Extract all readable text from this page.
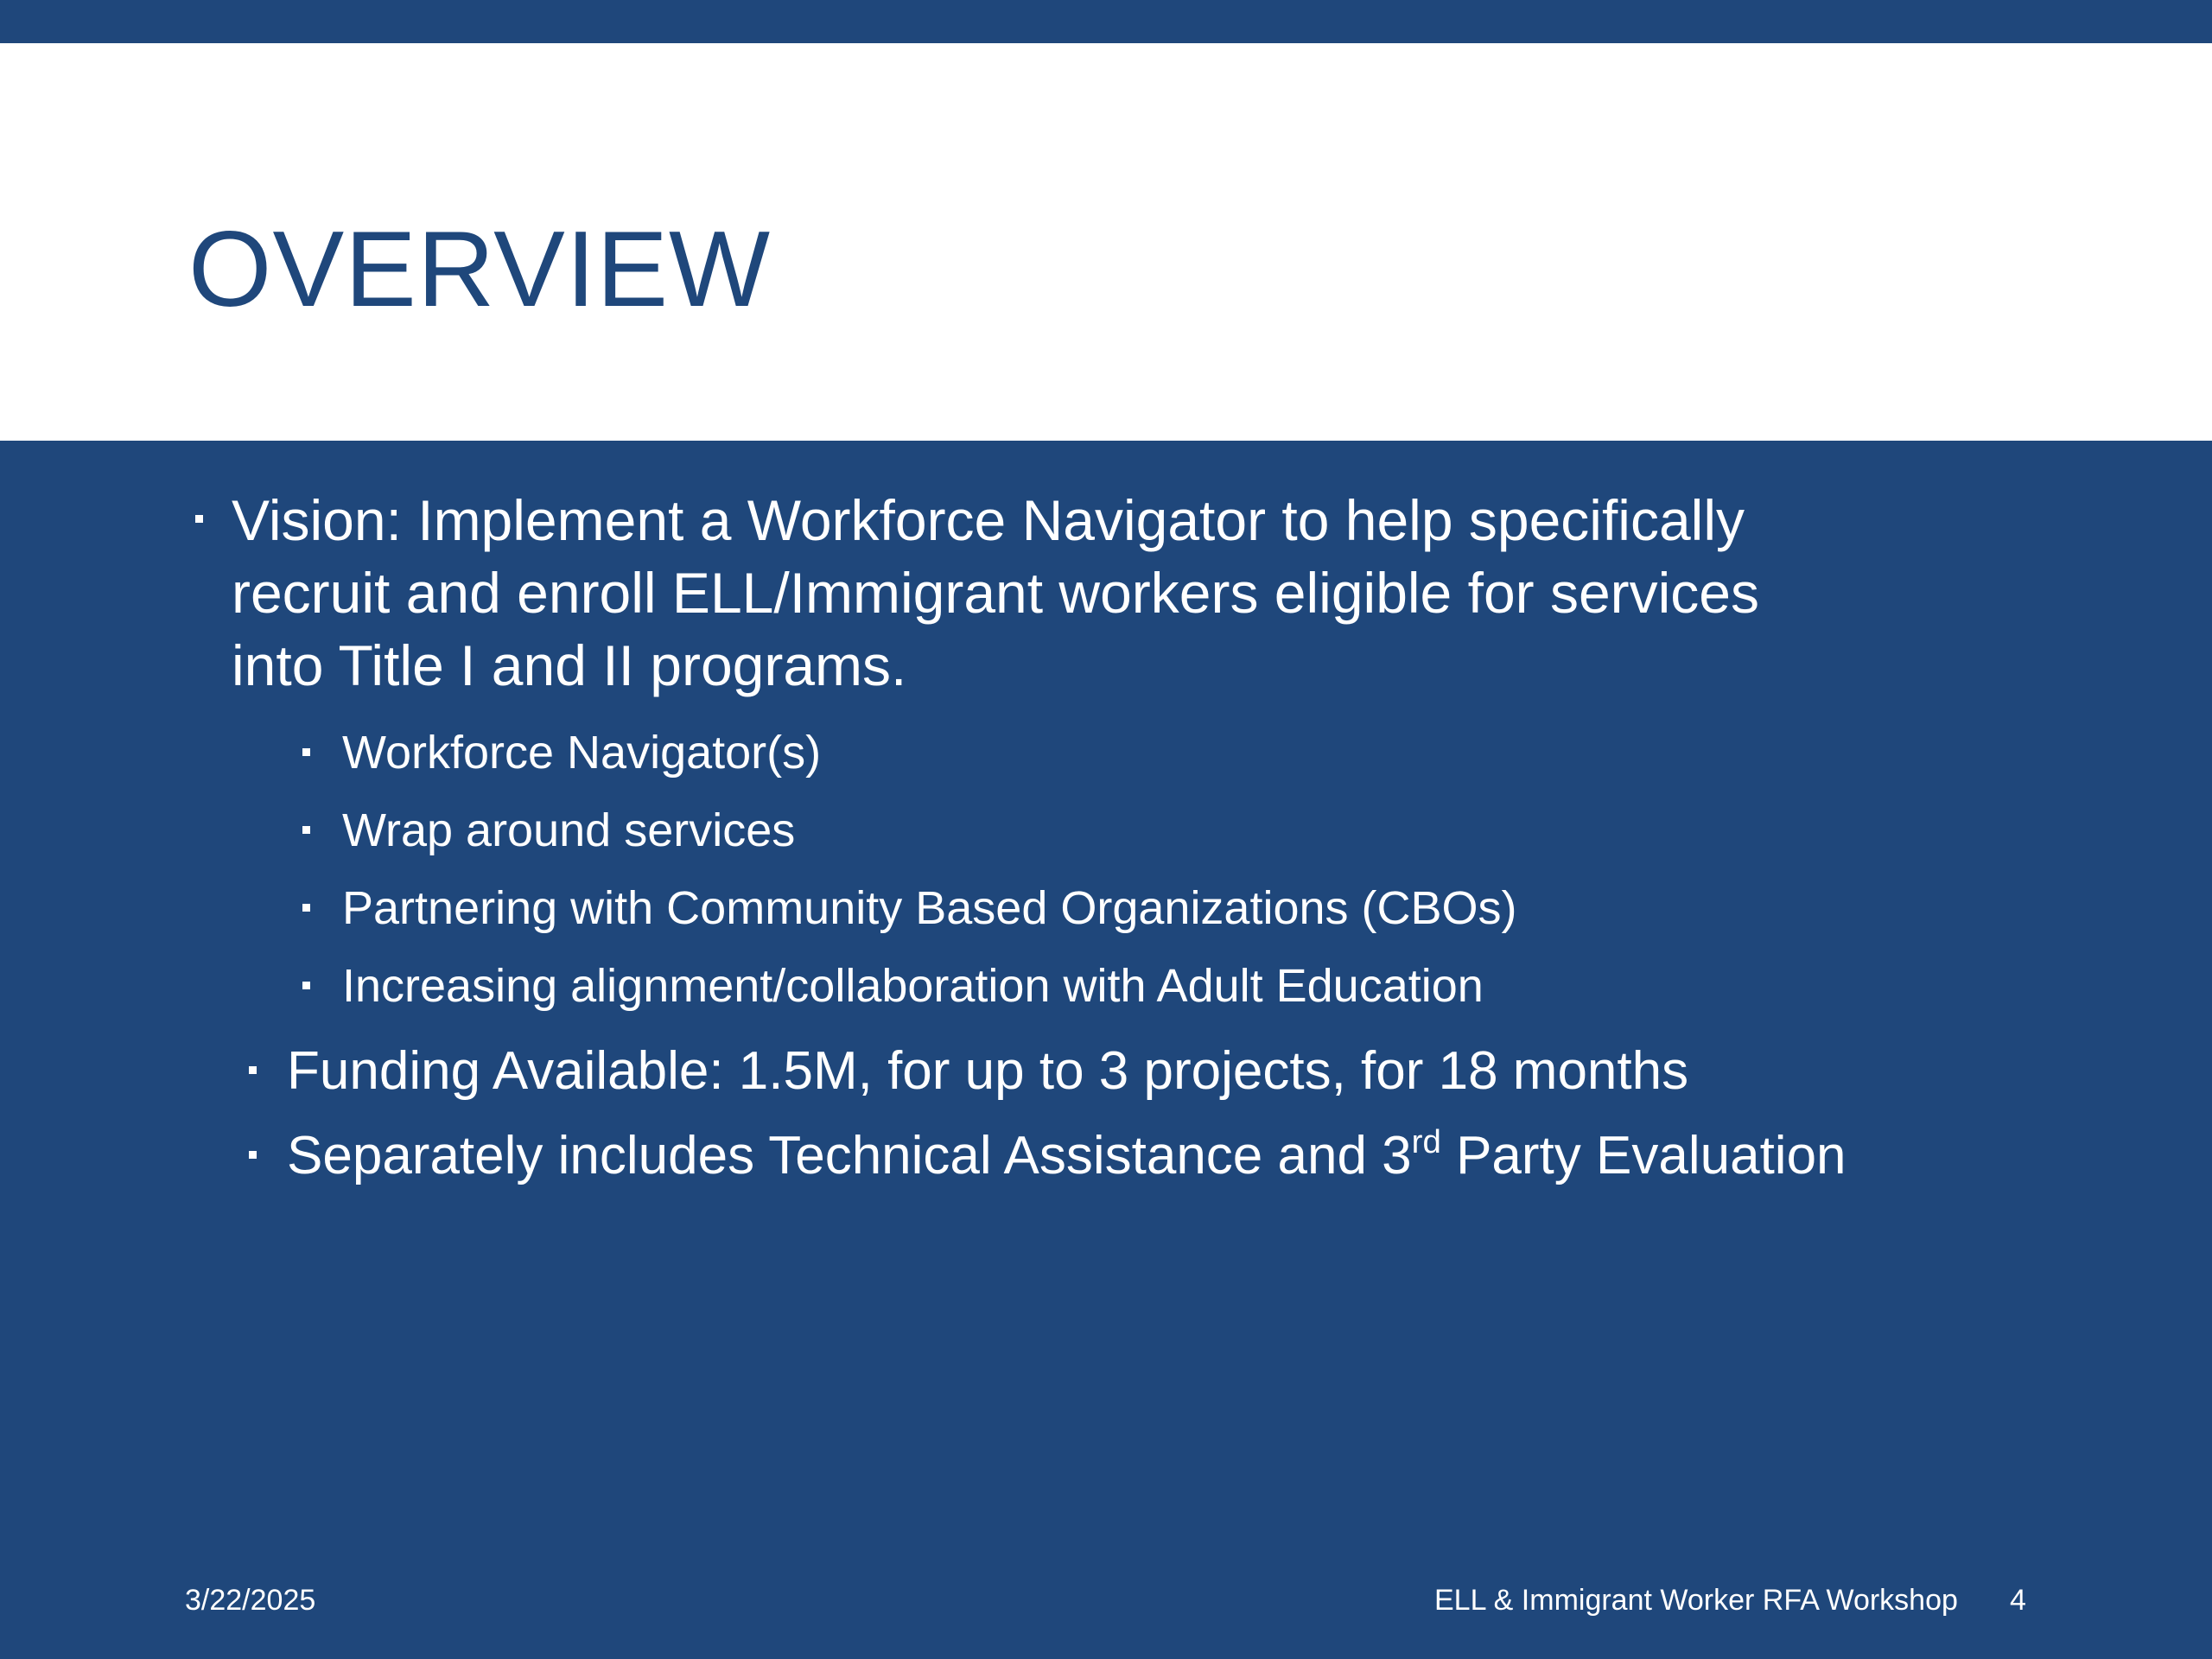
OVERVIEW
Vision: Implement a Workforce Navigator to help specifically
recruit and enroll ELL/Immigrant workers eligible for services
into Title I and II programs.
Workforce Navigator(s)
Wrap around services
Partnering with Community Based Organizations (CBOs)
Increasing alignment/collaboration with Adult Education
Funding Available: 1.5M, for up to 3 projects, for 18 months
Separately includes Technical Assistance and 3rd Party Evaluation
3/22/2025	ELL & Immigrant Worker RFA Workshop 4
